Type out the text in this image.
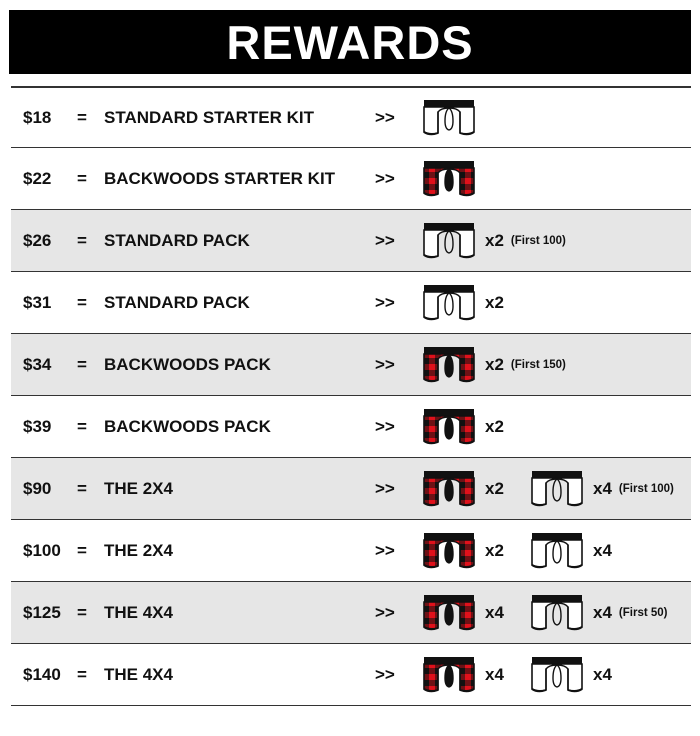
REWARDS
$18 = STANDARD STARTER KIT	>>
$22 = BACKWOODS STARTER KIT >>
$26 = STANDARD PACK	>>	x2 (First 100)
$31 = STANDARD PACK	>>	x2
$34 = BACKWOODS PACK	>>	x2 (First 150)
$39 = BACKWOODS PACK	>>	x2
$90 = THE 2X4	>>	x2	x4 (First 100)
$100 = THE 2X4	>>	x2	x4
$125 = THE 4X4	>>	x4	x4 (First 50)
$140 = THE 4X4	>>	x4	x4
